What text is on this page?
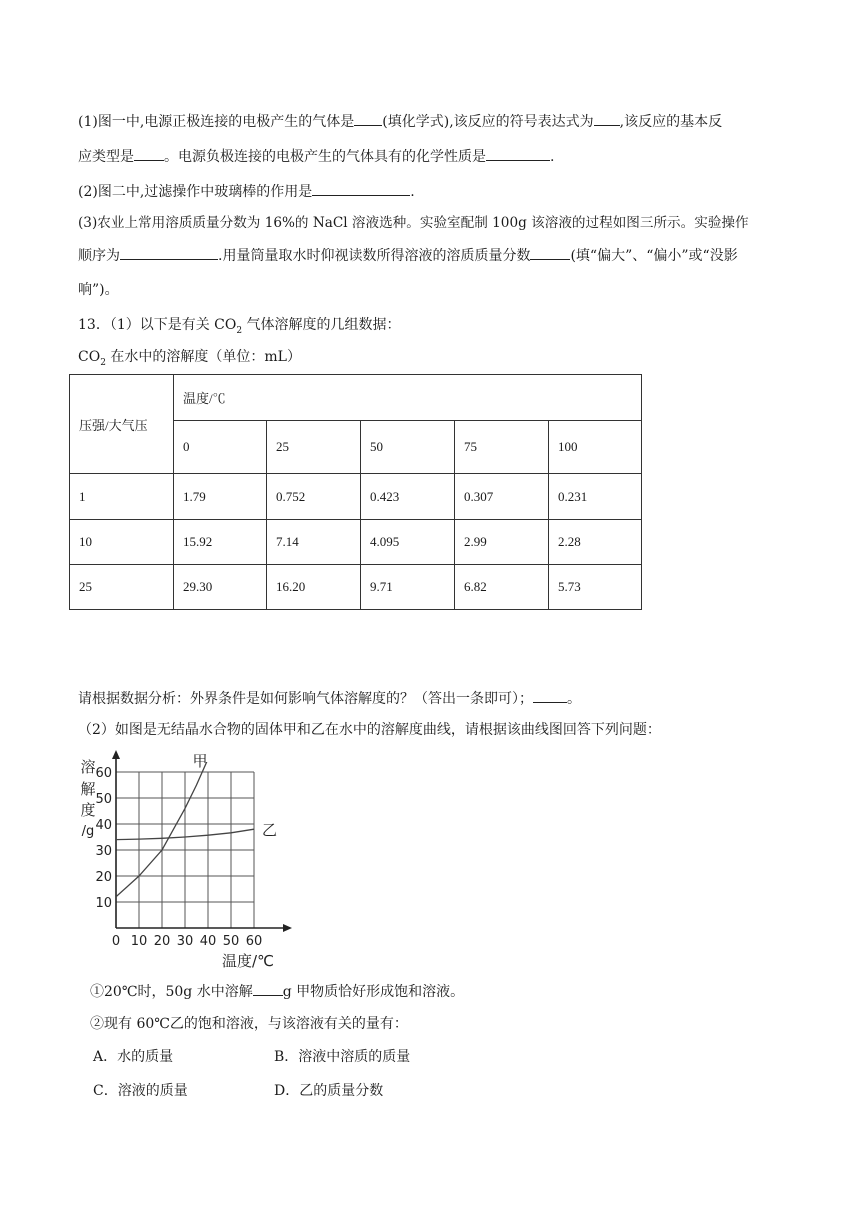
(1)图一中,电源正极连接的电极产生的气体是 (填化学式),该反应的符号表达式为 ,该反应的基本反
应类型是 。电源负极连接的电极产生的气体具有的化学性质是	.
(2)图二中,过滤操作中玻璃棒的作用是	.
(3)农业上常用溶质质量分数为 16%的 NaCl 溶液选种。实验室配制 100g 该溶液的过程如图三所示。实验操作
顺序为	.用量筒量取水时仰视读数所得溶液的溶质质量分数	(填“偏大”、“偏小”或“没影
响”)。
13．（1）以下是有关 $CO_2$ 气体溶解度的几组数据：
$CO_2$ 在水中的溶解度（单位：mL）
压强/大气压	温度/℃				
	0	25	50	75	100
1	1.79	0.752	0.423	0.307	0.231
10	15.92	7.14	4.095	2.99	2.28
25	29.30	16.20	9.71	6.82	5.73
请根据数据分析：外界条件是如何影响气体溶解度的？（答出一条即可）； 。
（2）如图是无结晶水合物的固体甲和乙在水中的溶解度曲线，请根据该曲线图回答下列问题：
0 10 20 30 40 50 60
10
20
30
40
50
60
溶
解
度
/g
温度/℃
甲
乙
①20℃时，50g 水中溶解 g 甲物质恰好形成饱和溶液。
②现有 60℃乙的饱和溶液，与该溶液有关的量有：
A．水的质量	B．溶液中溶质的质量
C．溶液的质量	D．乙的质量分数
